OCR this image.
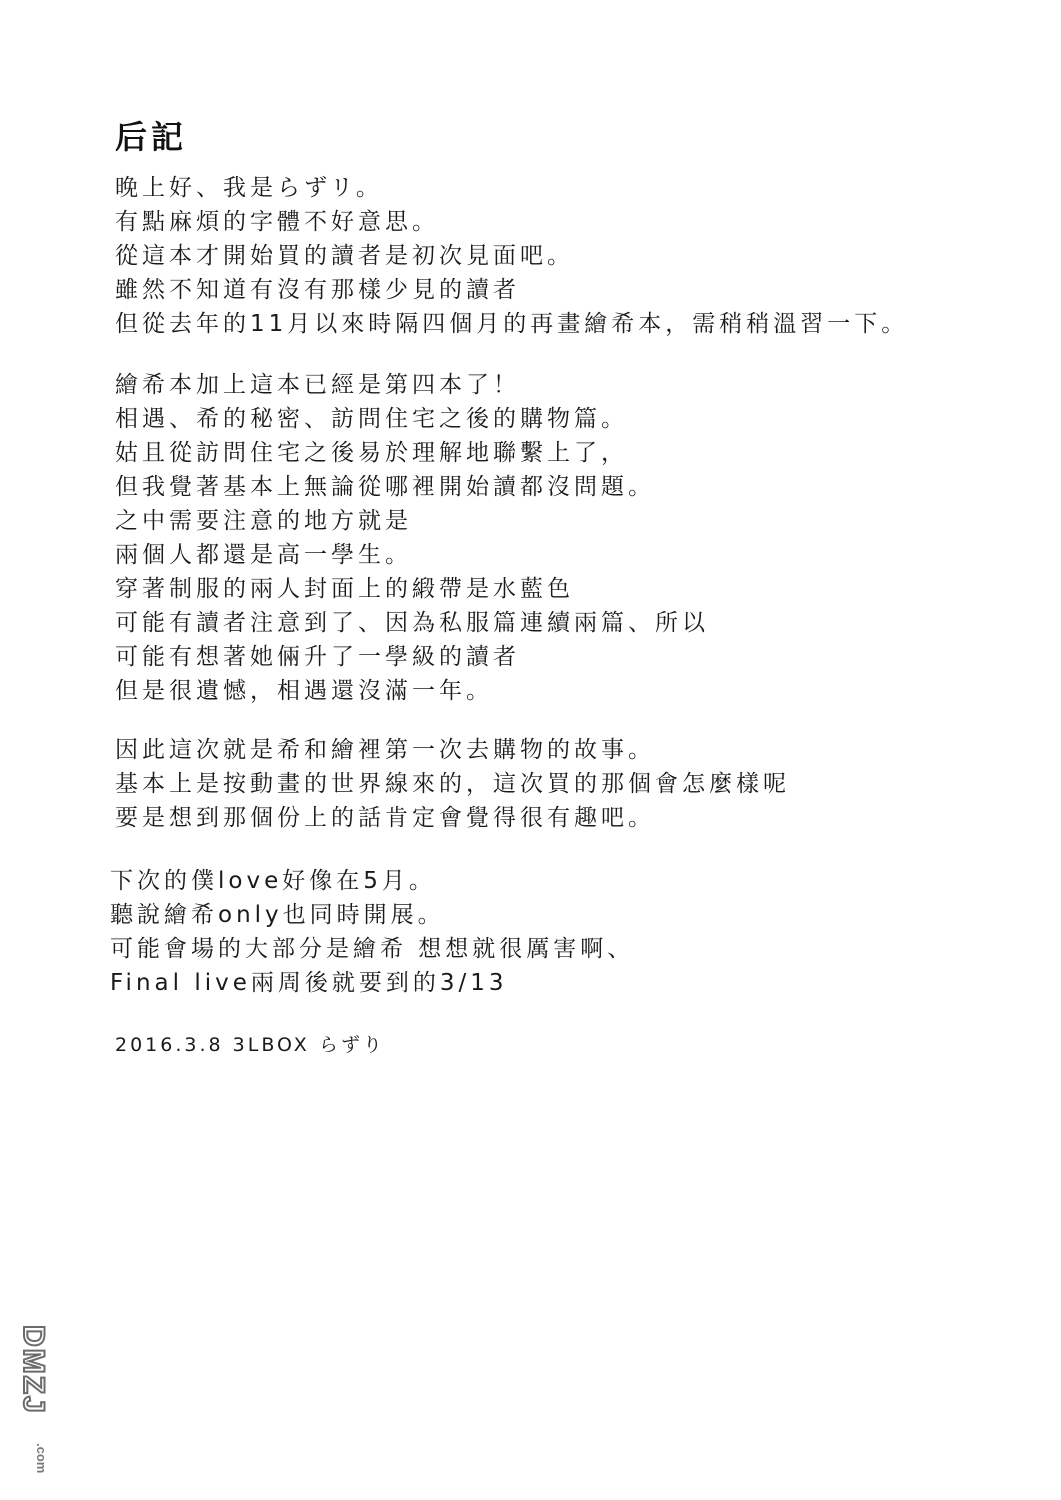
后記
晚上好、我是らずリ。
有點麻煩的字體不好意思。
從這本才開始買的讀者是初次見面吧。
雖然不知道有沒有那樣少見的讀者
但從去年的11月以來時隔四個月的再畫繪希本，需稍稍溫習一下。
繪希本加上這本已經是第四本了！
相遇、希的秘密、訪問住宅之後的購物篇。
姑且從訪問住宅之後易於理解地聯繫上了，
但我覺著基本上無論從哪裡開始讀都沒問題。
之中需要注意的地方就是
兩個人都還是高一學生。
穿著制服的兩人封面上的緞帶是水藍色
可能有讀者注意到了、因為私服篇連續兩篇、所以
可能有想著她倆升了一學級的讀者
但是很遺憾，相遇還沒滿一年。
因此這次就是希和繪裡第一次去購物的故事。
基本上是按動畫的世界線來的，這次買的那個會怎麼樣呢
要是想到那個份上的話肯定會覺得很有趣吧。
下次的僕love好像在5月。
聽說繪希only也同時開展。
可能會場的大部分是繪希 想想就很厲害啊、
Final live兩周後就要到的3/13
2016.3.8 3LBOX らずり
DMZJ
.com
